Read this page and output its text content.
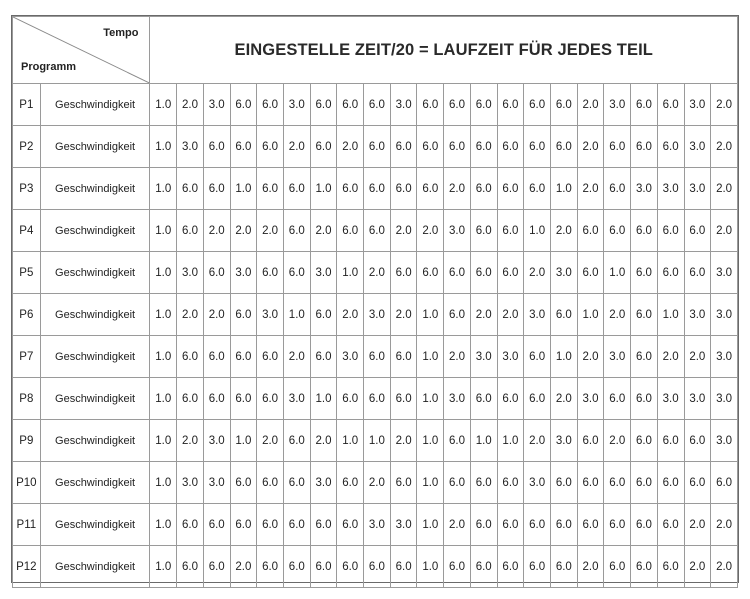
Tempo
Programm		EINGESTELLE ZEIT/20 = LAUFZEIT FÜR JEDES TEIL																					
P1	Geschwindigkeit	1.0	2.0	3.0	6.0	6.0	3.0	6.0	6.0	6.0	3.0	6.0	6.0	6.0	6.0	6.0	6.0	2.0	3.0	6.0	6.0	3.0	2.0
P2	Geschwindigkeit	1.0	3.0	6.0	6.0	6.0	2.0	6.0	2.0	6.0	6.0	6.0	6.0	6.0	6.0	6.0	6.0	2.0	6.0	6.0	6.0	3.0	2.0
P3	Geschwindigkeit	1.0	6.0	6.0	1.0	6.0	6.0	1.0	6.0	6.0	6.0	6.0	2.0	6.0	6.0	6.0	1.0	2.0	6.0	3.0	3.0	3.0	2.0
P4	Geschwindigkeit	1.0	6.0	2.0	2.0	2.0	6.0	2.0	6.0	6.0	2.0	2.0	3.0	6.0	6.0	1.0	2.0	6.0	6.0	6.0	6.0	6.0	2.0
P5	Geschwindigkeit	1.0	3.0	6.0	3.0	6.0	6.0	3.0	1.0	2.0	6.0	6.0	6.0	6.0	6.0	2.0	3.0	6.0	1.0	6.0	6.0	6.0	3.0
P6	Geschwindigkeit	1.0	2.0	2.0	6.0	3.0	1.0	6.0	2.0	3.0	2.0	1.0	6.0	2.0	2.0	3.0	6.0	1.0	2.0	6.0	1.0	3.0	3.0
P7	Geschwindigkeit	1.0	6.0	6.0	6.0	6.0	2.0	6.0	3.0	6.0	6.0	1.0	2.0	3.0	3.0	6.0	1.0	2.0	3.0	6.0	2.0	2.0	3.0
P8	Geschwindigkeit	1.0	6.0	6.0	6.0	6.0	3.0	1.0	6.0	6.0	6.0	1.0	3.0	6.0	6.0	6.0	2.0	3.0	6.0	6.0	3.0	3.0	3.0
P9	Geschwindigkeit	1.0	2.0	3.0	1.0	2.0	6.0	2.0	1.0	1.0	2.0	1.0	6.0	1.0	1.0	2.0	3.0	6.0	2.0	6.0	6.0	6.0	3.0
P10	Geschwindigkeit	1.0	3.0	3.0	6.0	6.0	6.0	3.0	6.0	2.0	6.0	1.0	6.0	6.0	6.0	3.0	6.0	6.0	6.0	6.0	6.0	6.0	6.0
P11	Geschwindigkeit	1.0	6.0	6.0	6.0	6.0	6.0	6.0	6.0	3.0	3.0	1.0	2.0	6.0	6.0	6.0	6.0	6.0	6.0	6.0	6.0	2.0	2.0
P12	Geschwindigkeit	1.0	6.0	6.0	2.0	6.0	6.0	6.0	6.0	6.0	6.0	1.0	6.0	6.0	6.0	6.0	6.0	2.0	6.0	6.0	6.0	2.0	2.0
